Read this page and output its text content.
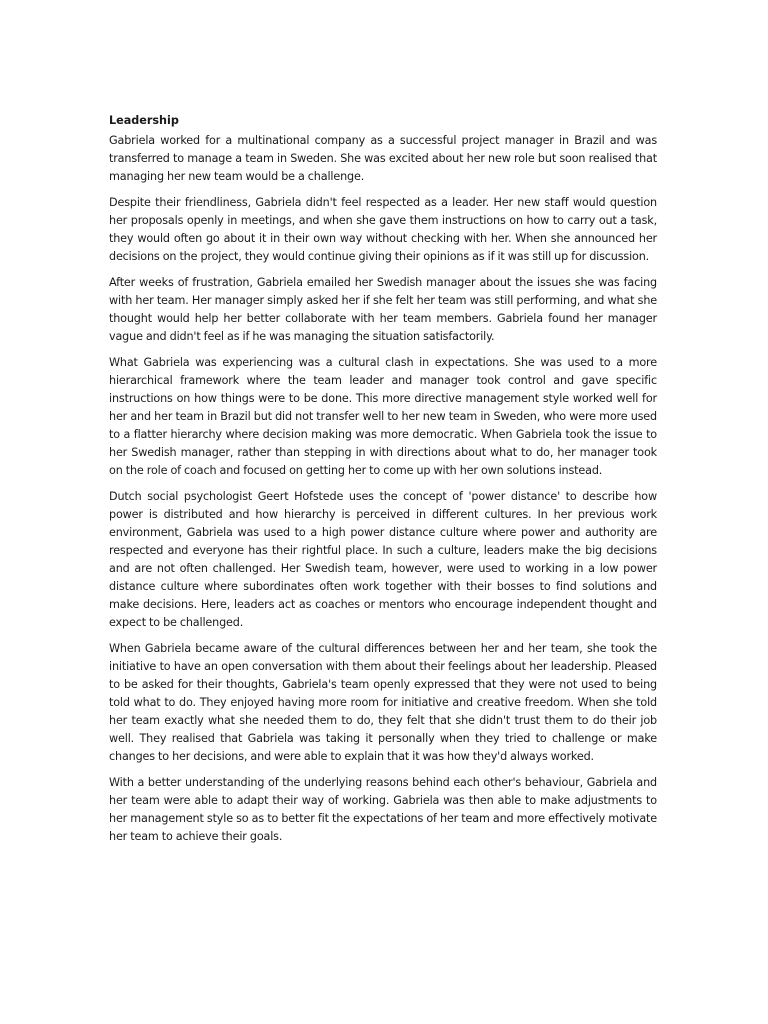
Leadership

Gabriela worked for a multinational company as a successful project manager in Brazil and was transferred to manage a team in Sweden. She was excited about her new role but soon realised that managing her new team would be a challenge.

Despite their friendliness, Gabriela didn't feel respected as a leader. Her new staff would question her proposals openly in meetings, and when she gave them instructions on how to carry out a task, they would often go about it in their own way without checking with her. When she announced her decisions on the project, they would continue giving their opinions as if it was still up for discussion.

After weeks of frustration, Gabriela emailed her Swedish manager about the issues she was facing with her team. Her manager simply asked her if she felt her team was still performing, and what she thought would help her better collaborate with her team members. Gabriela found her manager vague and didn't feel as if he was managing the situation satisfactorily.

What Gabriela was experiencing was a cultural clash in expectations. She was used to a more hierarchical framework where the team leader and manager took control and gave specific instructions on how things were to be done. This more directive management style worked well for her and her team in Brazil but did not transfer well to her new team in Sweden, who were more used to a flatter hierarchy where decision making was more democratic. When Gabriela took the issue to her Swedish manager, rather than stepping in with directions about what to do, her manager took on the role of coach and focused on getting her to come up with her own solutions instead.

Dutch social psychologist Geert Hofstede uses the concept of 'power distance' to describe how power is distributed and how hierarchy is perceived in different cultures. In her previous work environment, Gabriela was used to a high power distance culture where power and authority are respected and everyone has their rightful place. In such a culture, leaders make the big decisions and are not often challenged. Her Swedish team, however, were used to working in a low power distance culture where subordinates often work together with their bosses to find solutions and make decisions. Here, leaders act as coaches or mentors who encourage independent thought and expect to be challenged.

When Gabriela became aware of the cultural differences between her and her team, she took the initiative to have an open conversation with them about their feelings about her leadership. Pleased to be asked for their thoughts, Gabriela's team openly expressed that they were not used to being told what to do. They enjoyed having more room for initiative and creative freedom. When she told her team exactly what she needed them to do, they felt that she didn't trust them to do their job well. They realised that Gabriela was taking it personally when they tried to challenge or make changes to her decisions, and were able to explain that it was how they'd always worked.

With a better understanding of the underlying reasons behind each other's behaviour, Gabriela and her team were able to adapt their way of working. Gabriela was then able to make adjustments to her management style so as to better fit the expectations of her team and more effectively motivate her team to achieve their goals.
